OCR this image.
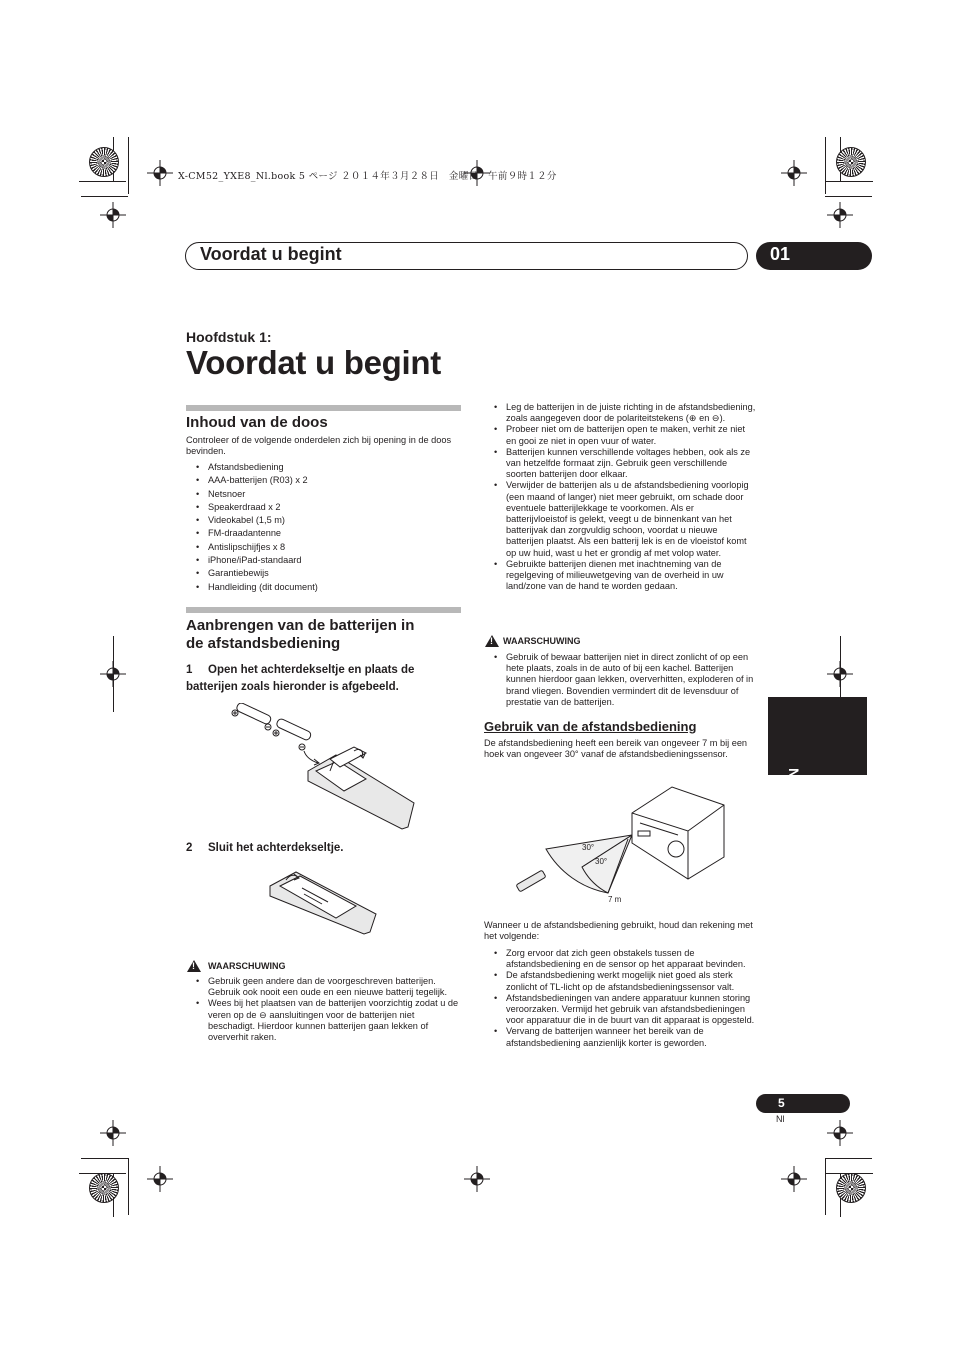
X-CM52_YXE8_Nl.book 5 ページ ２０１４年３月２８日　金曜日　午前９時１２分
Voordat u begint	01
Hoofdstuk 1:
Voordat u begint
Inhoud van de doos
Controleer of de volgende onderdelen zich bij opening in de doos bevinden.
• Afstandsbediening
• AAA-batterijen (R03) x 2
• Netsnoer
• Speakerdraad x 2
• Videokabel (1,5 m)
• FM-draadantenne
• Antislipschijfjes x 8
• iPhone/iPad-standaard
• Garantiebewijs
• Handleiding (dit document)
Aanbrengen van de batterijen in
de afstandsbediening
1 Open het achterdekseltje en plaats de
batterijen zoals hieronder is afgebeeld.
2 Sluit het achterdekseltje.
! WAARSCHUWING
• Gebruik geen andere dan de voorgeschreven batterijen. Gebruik ook nooit een oude en een nieuwe batterij tegelijk.
• Wees bij het plaatsen van de batterijen voorzichtig zodat u de veren op de ⊖ aansluitingen voor de batterijen niet beschadigt. Hierdoor kunnen batterijen gaan lekken of oververhit raken.
• Leg de batterijen in de juiste richting in de afstandsbediening, zoals aangegeven door de polariteitstekens (⊕ en ⊖).
• Probeer niet om de batterijen open te maken, verhit ze niet en gooi ze niet in open vuur of water.
• Batterijen kunnen verschillende voltages hebben, ook als ze van hetzelfde formaat zijn. Gebruik geen verschillende soorten batterijen door elkaar.
• Verwijder de batterijen als u de afstandsbediening voorlopig (een maand of langer) niet meer gebruikt, om schade door eventuele batterijlekkage te voorkomen. Als er batterijvloeistof is gelekt, veegt u de binnenkant van het batterijvak dan zorgvuldig schoon, voordat u nieuwe batterijen plaatst. Als een batterij lek is en de vloeistof komt op uw huid, wast u het er grondig af met volop water.
• Gebruikte batterijen dienen met inachtneming van de regelgeving of milieuwetgeving van de overheid in uw land/zone van de hand te worden gedaan.
! WAARSCHUWING
• Gebruik of bewaar batterijen niet in direct zonlicht of op een hete plaats, zoals in de auto of bij een kachel. Batterijen kunnen hierdoor gaan lekken, oververhitten, exploderen of in brand vliegen. Bovendien vermindert dit de levensduur of prestatie van de batterijen.
Gebruik van de afstandsbediening
De afstandsbediening heeft een bereik van ongeveer 7 m bij een hoek van ongeveer 30° vanaf de afstandsbedieningssensor.
30°
30°
7 m
Wanneer u de afstandsbediening gebruikt, houd dan rekening met het volgende:
• Zorg ervoor dat zich geen obstakels tussen de afstandsbediening en de sensor op het apparaat bevinden.
• De afstandsbediening werkt mogelijk niet goed als sterk zonlicht of TL-licht op de afstandsbedieningssensor valt.
• Afstandsbedieningen van andere apparatuur kunnen storing veroorzaken. Vermijd het gebruik van afstandsbedieningen voor apparatuur die in de buurt van dit apparaat is opgesteld.
• Vervang de batterijen wanneer het bereik van de afstandsbediening aanzienlijk korter is geworden.
Nederlands
5
Nl
